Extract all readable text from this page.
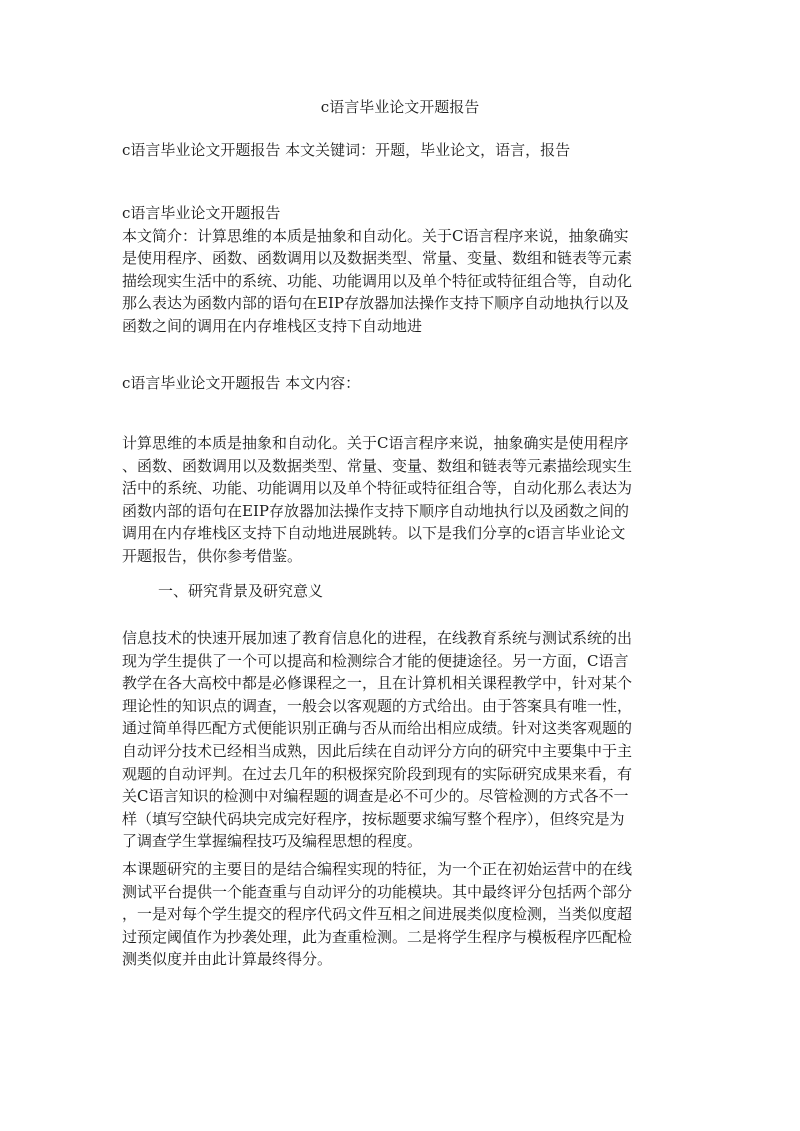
c语言毕业论文开题报告

c语言毕业论文开题报告 本文关键词：开题，毕业论文，语言，报告

c语言毕业论文开题报告
本文简介：计算思维的本质是抽象和自动化。关于C语言程序来说，抽象确实
是使用程序、函数、函数调用以及数据类型、常量、变量、数组和链表等元素
描绘现实生活中的系统、功能、功能调用以及单个特征或特征组合等，自动化
那么表达为函数内部的语句在EIP存放器加法操作支持下顺序自动地执行以及
函数之间的调用在内存堆栈区支持下自动地进

c语言毕业论文开题报告 本文内容：

计算思维的本质是抽象和自动化。关于C语言程序来说，抽象确实是使用程序
、函数、函数调用以及数据类型、常量、变量、数组和链表等元素描绘现实生
活中的系统、功能、功能调用以及单个特征或特征组合等，自动化那么表达为
函数内部的语句在EIP存放器加法操作支持下顺序自动地执行以及函数之间的
调用在内存堆栈区支持下自动地进展跳转。以下是我们分享的c语言毕业论文
开题报告，供你参考借鉴。

一、研究背景及研究意义

信息技术的快速开展加速了教育信息化的进程，在线教育系统与测试系统的出
现为学生提供了一个可以提高和检测综合才能的便捷途径。另一方面，C语言
教学在各大高校中都是必修课程之一，且在计算机相关课程教学中，针对某个
理论性的知识点的调查，一般会以客观题的方式给出。由于答案具有唯一性，
通过简单得匹配方式便能识别正确与否从而给出相应成绩。针对这类客观题的
自动评分技术已经相当成熟，因此后续在自动评分方向的研究中主要集中于主
观题的自动评判。在过去几年的积极探究阶段到现有的实际研究成果来看，有
关C语言知识的检测中对编程题的调查是必不可少的。尽管检测的方式各不一
样（填写空缺代码块完成完好程序，按标题要求编写整个程序），但终究是为
了调查学生掌握编程技巧及编程思想的程度。
本课题研究的主要目的是结合编程实现的特征，为一个正在初始运营中的在线
测试平台提供一个能查重与自动评分的功能模块。其中最终评分包括两个部分
，一是对每个学生提交的程序代码文件互相之间进展类似度检测，当类似度超
过预定阈值作为抄袭处理，此为查重检测。二是将学生程序与模板程序匹配检
测类似度并由此计算最终得分。
